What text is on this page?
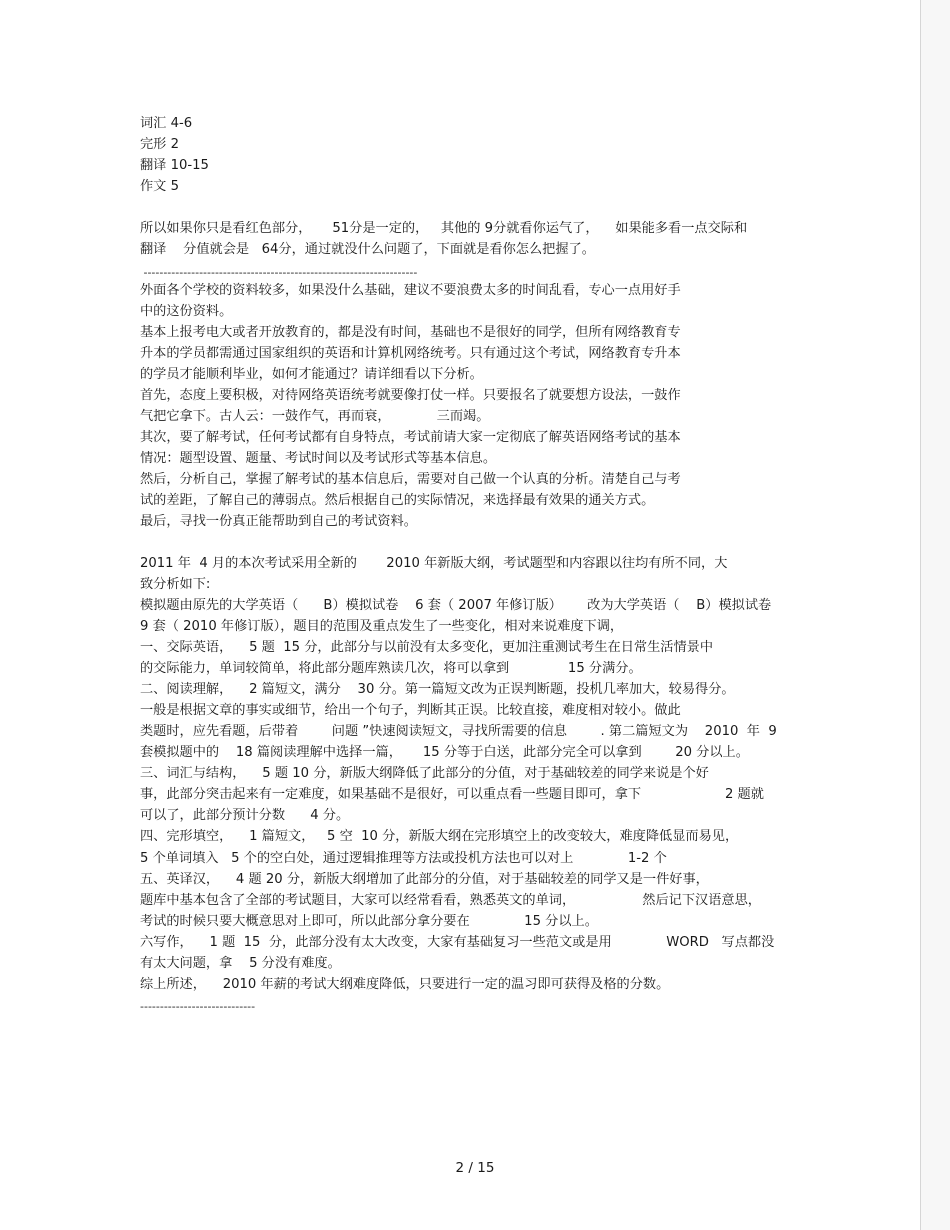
词汇 4-6

完形 2

翻译 10-15

作文 5

所以如果你只是看红色部分，     51分是一定的，   其他的 9分就看你运气了，    如果能多看一点交际和

翻译    分值就会是   64分，通过就没什么问题了，下面就是看你怎么把握了。

---------------------------------------------------------------------

外面各个学校的资料较多，如果没什么基础，建议不要浪费太多的时间乱看，专心一点用好手

中的这份资料。

基本上报考电大或者开放教育的，都是没有时间，基础也不是很好的同学，但所有网络教育专

升本的学员都需通过国家组织的英语和计算机网络统考。只有通过这个考试，网络教育专升本

的学员才能顺利毕业，如何才能通过？请详细看以下分析。

首先，态度上要积极，对待网络英语统考就要像打仗一样。只要报名了就要想方设法，一鼓作

气把它拿下。古人云：一鼓作气，再而衰，           三而竭。

其次，要了解考试，任何考试都有自身特点，考试前请大家一定彻底了解英语网络考试的基本

情况：题型设置、题量、考试时间以及考试形式等基本信息。

然后，分析自己，掌握了解考试的基本信息后，需要对自己做一个认真的分析。清楚自己与考

试的差距，了解自己的薄弱点。然后根据自己的实际情况，来选择最有效果的通关方式。

最后，寻找一份真正能帮助到自己的考试资料。

2011 年  4 月的本次考试采用全新的       2010 年新版大纲，考试题型和内容跟以往均有所不同，大

致分析如下:

模拟题由原先的大学英语（      B）模拟试卷    6 套（ 2007 年修订版）      改为大学英语（    B）模拟试卷

9 套（ 2010 年修订版），题目的范围及重点发生了一些变化，相对来说难度下调，

一、交际英语，    5 题  15 分，此部分与以前没有太多变化，更加注重测试考生在日常生活情景中

的交际能力，单词较简单，将此部分题库熟读几次，将可以拿到              15 分满分。

二、阅读理解，    2 篇短文，满分    30 分。第一篇短文改为正误判断题，投机几率加大，较易得分。

一般是根据文章的事实或细节，给出一个句子，判断其正误。比较直接，难度相对较小。做此

类题时，应先看题，后带着        问题 ”快速阅读短文，寻找所需要的信息        . 第二篇短文为    2010  年  9

套模拟题中的    18 篇阅读理解中选择一篇，     15 分等于白送，此部分完全可以拿到        20 分以上。

三、词汇与结构，    5 题 10 分，新版大纲降低了此部分的分值，对于基础较差的同学来说是个好

事，此部分突击起来有一定难度，如果基础不是很好，可以重点看一些题目即可，拿下                    2 题就

可以了，此部分预计分数      4 分。

四、完形填空，    1 篇短文，   5 空  10 分，新版大纲在完形填空上的改变较大，难度降低显而易见，

5 个单词填入   5 个的空白处，通过逻辑推理等方法或投机方法也可以对上             1-2 个

五、英译汉，    4 题 20 分，新版大纲增加了此部分的分值，对于基础较差的同学又是一件好事，

题库中基本包含了全部的考试题目，大家可以经常看看，熟悉英文的单词，                然后记下汉语意思，

考试的时候只要大概意思对上即可，所以此部分拿分要在             15 分以上。

六写作，    1 题  15  分，此部分没有太大改变，大家有基础复习一些范文或是用             WORD   写点都没

有太大问题，拿    5 分没有难度。

综上所述，    2010 年薪的考试大纲难度降低，只要进行一定的温习即可获得及格的分数。

-----------------------------

2 / 15
